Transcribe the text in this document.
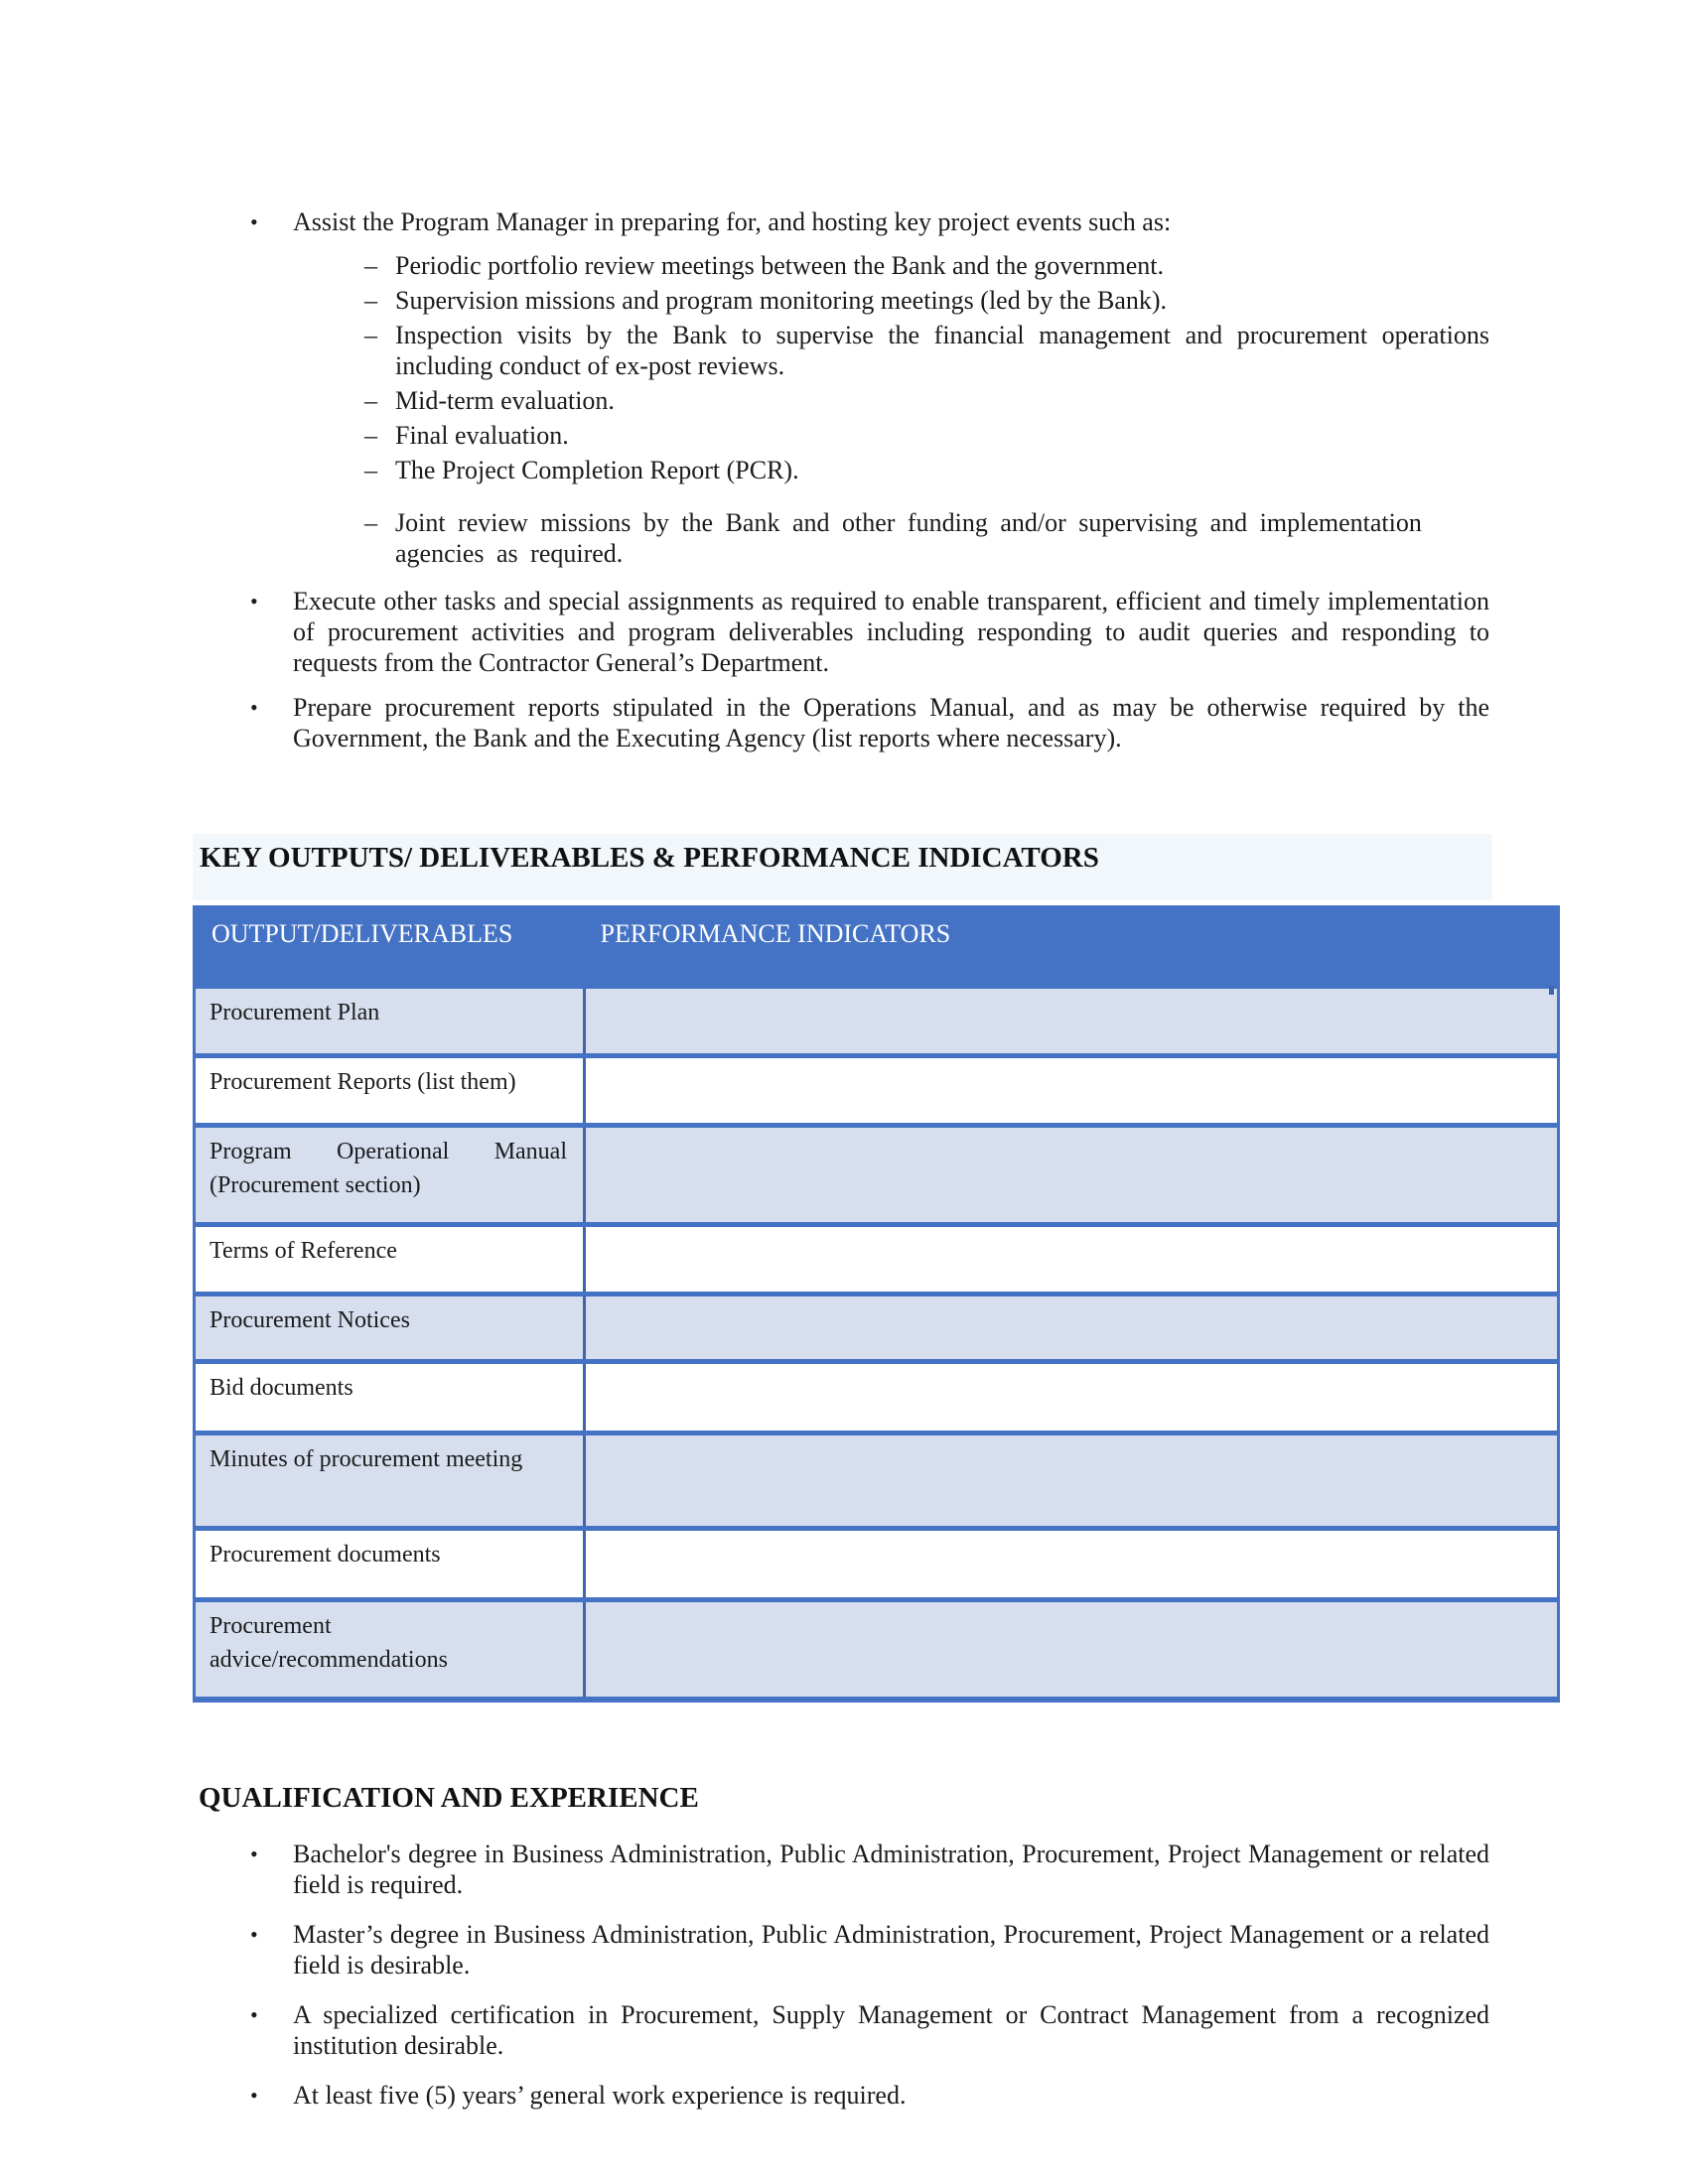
•	Assist the Program Manager in preparing for, and hosting key project events such as:
– Periodic portfolio review meetings between the Bank and the government.
– Supervision missions and program monitoring meetings (led by the Bank).
– Inspection visits by the Bank to supervise the financial management and procurement operations including conduct of ex-post reviews.
– Mid-term evaluation.
– Final evaluation.
– The Project Completion Report (PCR).
– Joint review missions by the Bank and other funding and/or supervising and implementation agencies as required.
•	Execute other tasks and special assignments as required to enable transparent, efficient and timely implementation of procurement activities and program deliverables including responding to audit queries and responding to requests from the Contractor General’s Department.
•	Prepare procurement reports stipulated in the Operations Manual, and as may be otherwise required by the Government, the Bank and the Executing Agency (list reports where necessary).
KEY OUTPUTS/ DELIVERABLES & PERFORMANCE INDICATORS
OUTPUT/DELIVERABLES	PERFORMANCE INDICATORS
Procurement Plan	
Procurement Reports (list them)	
Program Operational Manual (Procurement section)	
Terms of Reference	
Procurement Notices	
Bid documents	
Minutes of procurement meeting	
Procurement documents	
Procurement advice/recommendations	
QUALIFICATION AND EXPERIENCE
•	Bachelor's degree in Business Administration, Public Administration, Procurement, Project Management or related field is required.
•	Master’s degree in Business Administration, Public Administration, Procurement, Project Management or a related field is desirable.
•	A specialized certification in Procurement, Supply Management or Contract Management from a recognized institution desirable.
•	At least five (5) years’ general work experience is required.
